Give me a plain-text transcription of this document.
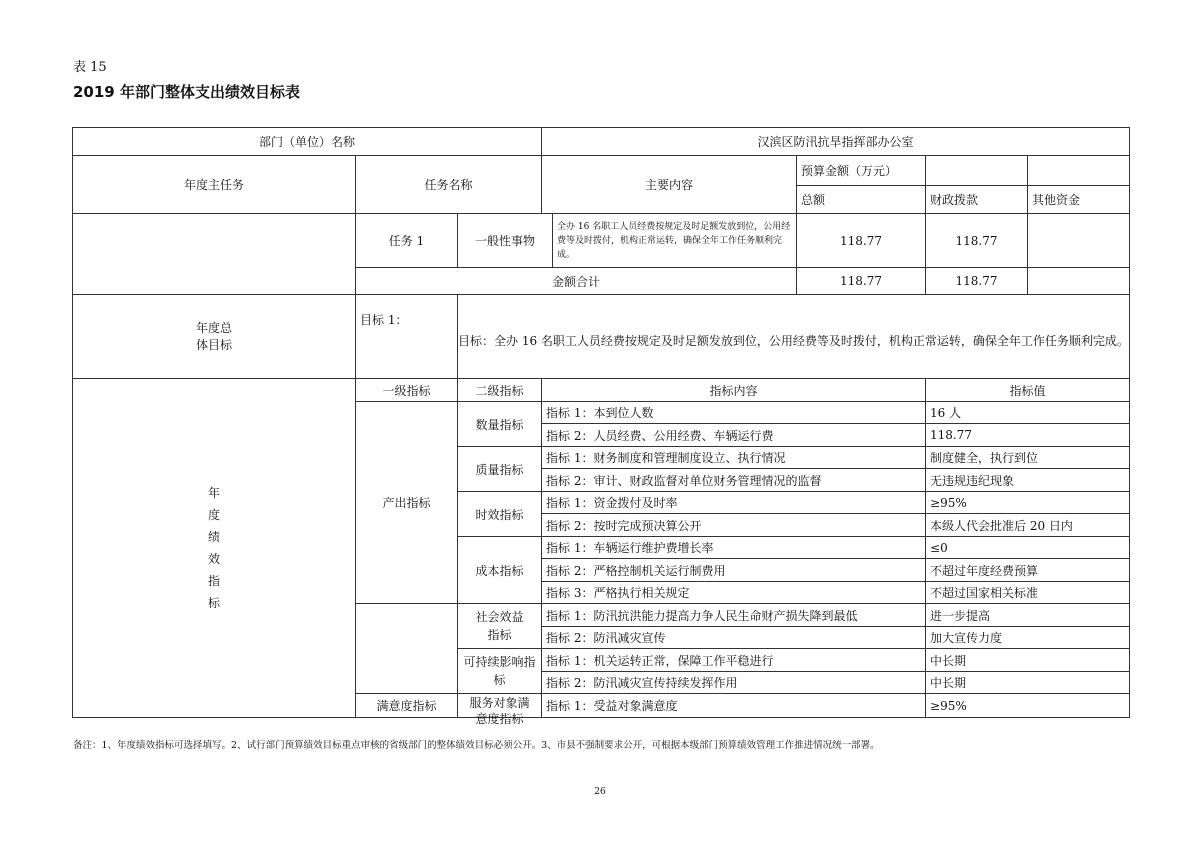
表 15
2019 年部门整体支出绩效目标表
部门（单位）名称			汉滨区防汛抗旱指挥部办公室				
年度主任务	任务名称		主要内容		预算金额（万元）		
					总额	财政拨款	其他资金
	任务 1	一般性事物		全办 16 名职工人员经费按规定及时足额发放到位，公用经费等及时拨付，机构正常运转，确保全年工作任务顺利完成。	118.77	118.77	
	金额合计				118.77	118.77	

年度总体目标	目标 1：	目标：全办 16 名职工人员经费按规定及时足额发放到位，公用经费等及时拨付，机构正常运转，确保全年工作任务顺利完成。					

年度绩效指标	一级指标	二级指标	指标内容			指标值	
	产出指标	数量指标	指标 1：本到位人数			16 人	
			指标 2：人员经费、公用经费、车辆运行费			118.77	
		质量指标	指标 1：财务制度和管理制度设立、执行情况			制度健全，执行到位	
			指标 2：审计、财政监督对单位财务管理情况的监督			无违规违纪现象	
		时效指标	指标 1：资金拨付及时率			≥95%	
			指标 2：按时完成预决算公开			本级人代会批准后 20 日内	
		成本指标	指标 1：车辆运行维护费增长率			≤0	
			指标 2：严格控制机关运行制费用			不超过年度经费预算	
			指标 3：严格执行相关规定			不超过国家相关标准	

		社会效益指标	指标 1：防汛抗洪能力提高力争人民生命财产损失降到最低			进一步提高	
			指标 2：防汛减灾宣传			加大宣传力度	

		可持续影响指标	指标 1：机关运转正常，保障工作平稳进行			中长期	
			指标 2：防汛减灾宣传持续发挥作用			中长期	
	满意度指标	服务对象满意度指标	指标 1：受益对象满意度			≥95%	
备注：1、年度绩效指标可选择填写。2、试行部门预算绩效目标重点审核的省级部门的整体绩效目标必须公开。3、市县不强制要求公开，可根据本级部门预算绩效管理工作推进情况统一部署。
26
